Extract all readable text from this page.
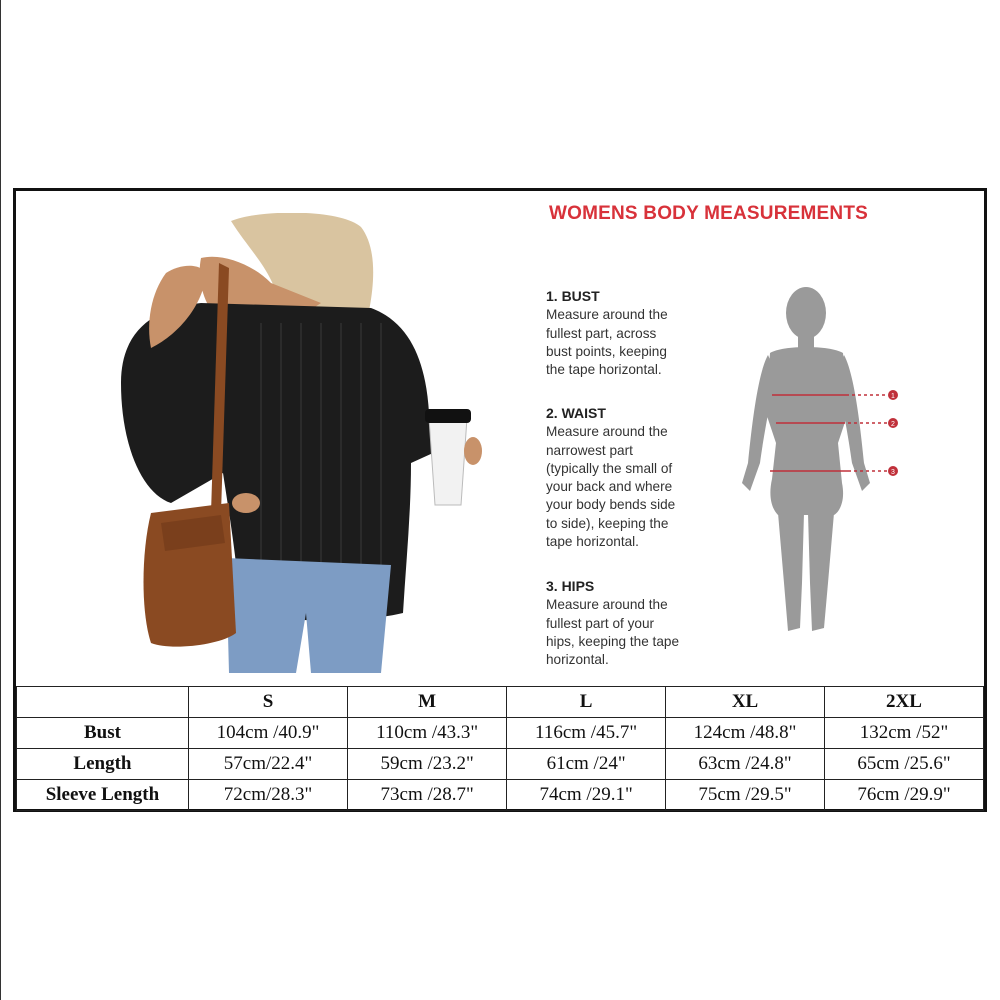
WOMENS BODY MEASUREMENTS
1. BUST
Measure around the
fullest part, across
bust points, keeping
the tape horizontal.
2. WAIST
Measure around the
narrowest part
(typically the small of
your back and where
your body bends side
to side), keeping the
tape horizontal.
3. HIPS
Measure around the
fullest part of your
hips, keeping the tape
horizontal.
1
2
3
	S	M	L	XL	2XL
Bust	104cm /40.9"	110cm /43.3"	116cm /45.7"	124cm /48.8"	132cm /52"
Length	57cm/22.4"	59cm /23.2"	61cm /24"	63cm /24.8"	65cm /25.6"
Sleeve Length	72cm/28.3"	73cm /28.7"	74cm /29.1"	75cm /29.5"	76cm /29.9"
